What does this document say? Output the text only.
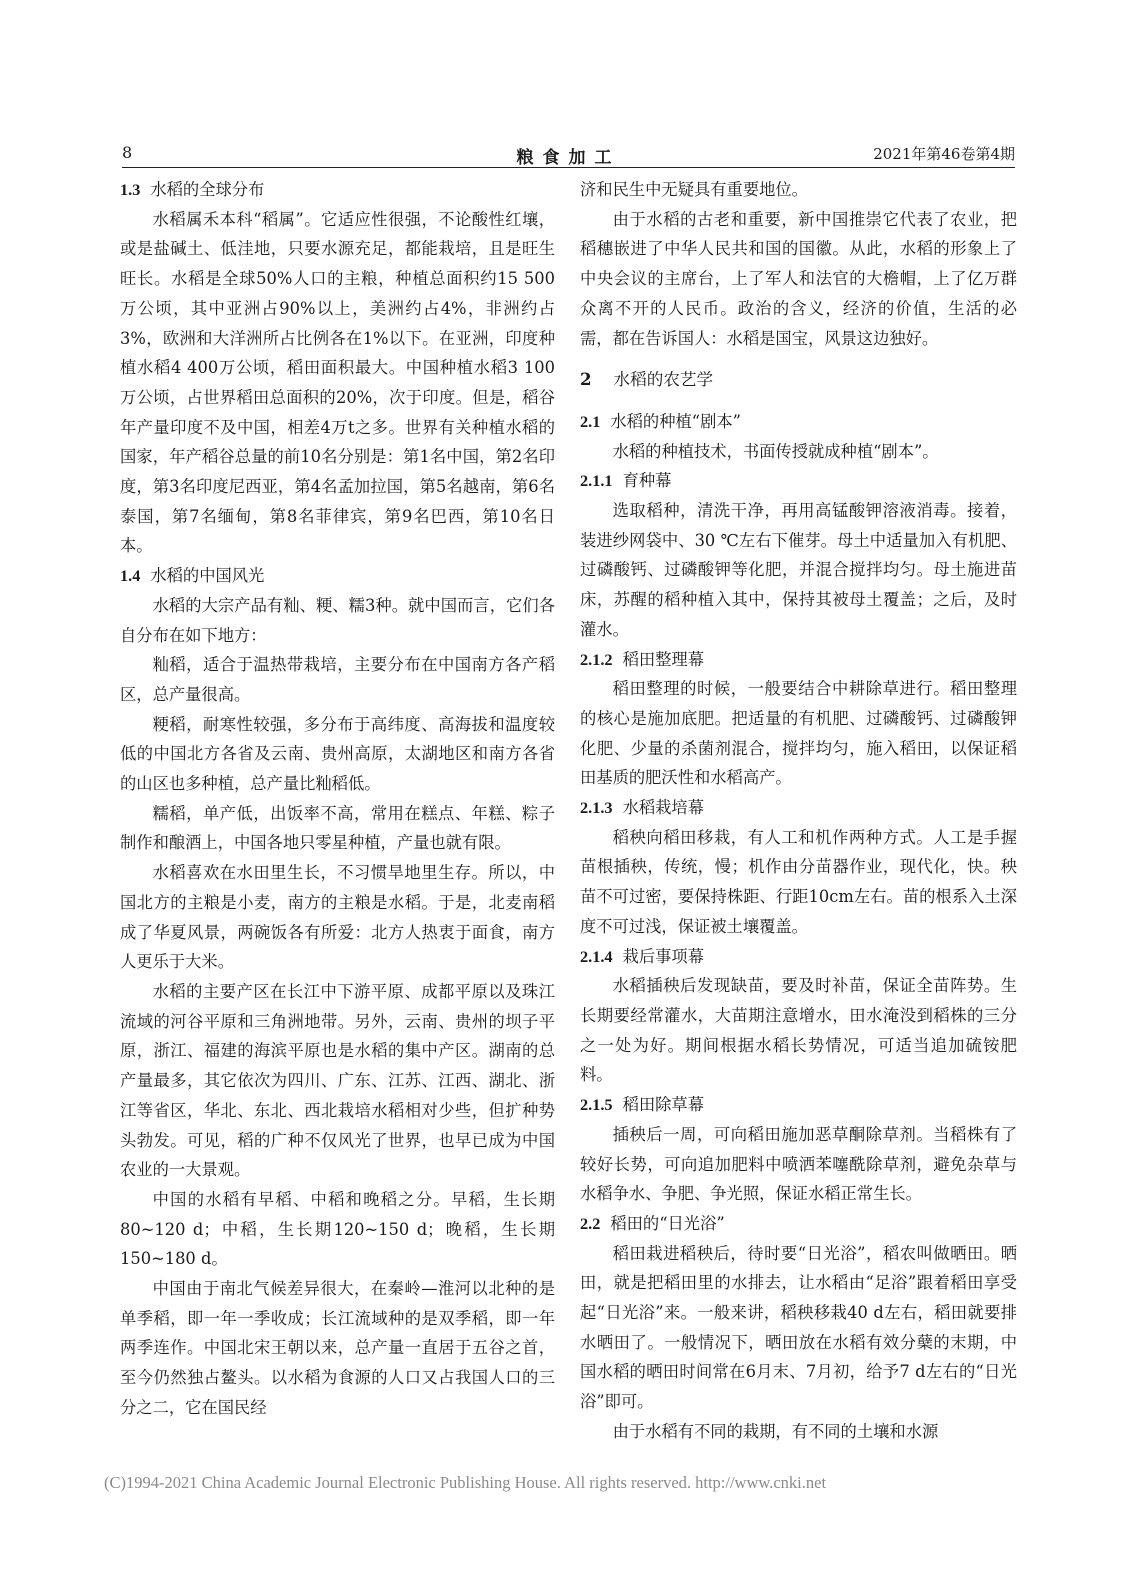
8	粮食加工	2021年第46卷第4期
1.3 水稻的全球分布

水稻属禾本科“稻属”。它适应性很强，不论酸性红壤，或是盐碱土、低洼地，只要水源充足，都能栽培，且是旺生旺长。水稻是全球50%人口的主粮，种植总面积约15 500万公顷，其中亚洲占90%以上，美洲约占4%，非洲约占3%，欧洲和大洋洲所占比例各在1%以下。在亚洲，印度种植水稻4 400万公顷，稻田面积最大。中国种植水稻3 100万公顷，占世界稻田总面积的20%，次于印度。但是，稻谷年产量印度不及中国，相差4万t之多。世界有关种植水稻的国家，年产稻谷总量的前10名分别是：第1名中国，第2名印度，第3名印度尼西亚，第4名孟加拉国，第5名越南，第6名泰国，第7名缅甸，第8名菲律宾，第9名巴西，第10名日本。

1.4 水稻的中国风光

水稻的大宗产品有籼、粳、糯3种。就中国而言，它们各自分布在如下地方：

籼稻，适合于温热带栽培，主要分布在中国南方各产稻区，总产量很高。

粳稻，耐寒性较强，多分布于高纬度、高海拔和温度较低的中国北方各省及云南、贵州高原，太湖地区和南方各省的山区也多种植，总产量比籼稻低。

糯稻，单产低，出饭率不高，常用在糕点、年糕、粽子制作和酿酒上，中国各地只零星种植，产量也就有限。

水稻喜欢在水田里生长，不习惯旱地里生存。所以，中国北方的主粮是小麦，南方的主粮是水稻。于是，北麦南稻成了华夏风景，两碗饭各有所爱：北方人热衷于面食，南方人更乐于大米。

水稻的主要产区在长江中下游平原、成都平原以及珠江流域的河谷平原和三角洲地带。另外，云南、贵州的坝子平原，浙江、福建的海滨平原也是水稻的集中产区。湖南的总产量最多，其它依次为四川、广东、江苏、江西、湖北、浙江等省区，华北、东北、西北栽培水稻相对少些，但扩种势头勃发。可见，稻的广种不仅风光了世界，也早已成为中国农业的一大景观。

中国的水稻有早稻、中稻和晚稻之分。早稻，生长期80~120 d；中稻，生长期120~150 d；晚稻，生长期150~180 d。

中国由于南北气候差异很大，在秦岭—淮河以北种的是单季稻，即一年一季收成；长江流域种的是双季稻，即一年两季连作。中国北宋王朝以来，总产量一直居于五谷之首，至今仍然独占鳌头。以水稻为食源的人口又占我国人口的三分之二，它在国民经

济和民生中无疑具有重要地位。

由于水稻的古老和重要，新中国推崇它代表了农业，把稻穗嵌进了中华人民共和国的国徽。从此，水稻的形象上了中央会议的主席台，上了军人和法官的大檐帽，上了亿万群众离不开的人民币。政治的含义，经济的价值，生活的必需，都在告诉国人：水稻是国宝，风景这边独好。

2 水稻的农艺学
2.1 水稻的种植“剧本”

水稻的种植技术，书面传授就成种植“剧本”。

2.1.1 育种幕

选取稻种，清洗干净，再用高锰酸钾溶液消毒。接着，装进纱网袋中、30 ℃左右下催芽。母土中适量加入有机肥、过磷酸钙、过磷酸钾等化肥，并混合搅拌均匀。母土施进苗床，苏醒的稻种植入其中，保持其被母土覆盖；之后，及时灌水。

2.1.2 稻田整理幕

稻田整理的时候，一般要结合中耕除草进行。稻田整理的核心是施加底肥。把适量的有机肥、过磷酸钙、过磷酸钾化肥、少量的杀菌剂混合，搅拌均匀，施入稻田，以保证稻田基质的肥沃性和水稻高产。

2.1.3 水稻栽培幕

稻秧向稻田移栽，有人工和机作两种方式。人工是手握苗根插秧，传统，慢；机作由分苗器作业，现代化，快。秧苗不可过密，要保持株距、行距10cm左右。苗的根系入土深度不可过浅，保证被土壤覆盖。

2.1.4 栽后事项幕

水稻插秧后发现缺苗，要及时补苗，保证全苗阵势。生长期要经常灌水，大苗期注意增水，田水淹没到稻株的三分之一处为好。期间根据水稻长势情况，可适当追加硫铵肥料。

2.1.5 稻田除草幕

插秧后一周，可向稻田施加恶草酮除草剂。当稻株有了较好长势，可向追加肥料中喷洒苯噻酰除草剂，避免杂草与水稻争水、争肥、争光照，保证水稻正常生长。

2.2 稻田的“日光浴”

稻田栽进稻秧后，待时要“日光浴”，稻农叫做晒田。晒田，就是把稻田里的水排去，让水稻由“足浴”跟着稻田享受起“日光浴”来。一般来讲，稻秧移栽40 d左右，稻田就要排水晒田了。一般情况下，晒田放在水稻有效分蘖的末期，中国水稻的晒田时间常在6月末、7月初，给予7 d左右的“日光浴”即可。

由于水稻有不同的栽期，有不同的土壤和水源

(C)1994-2021 China Academic Journal Electronic Publishing House. All rights reserved. http://www.cnki.net
